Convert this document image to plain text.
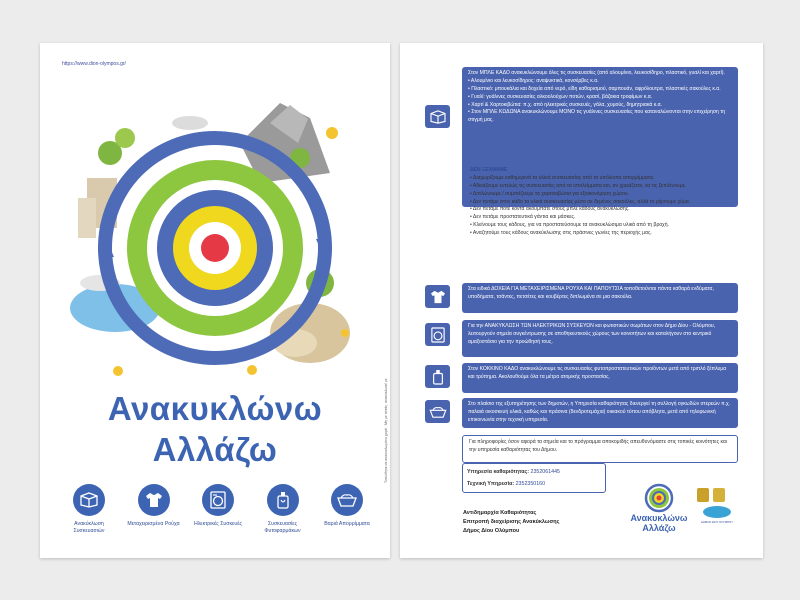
https://www.dion-olympos.gr/
Ανακυκλώνω
Αλλάζω	Τυπώθηκε σε ανακυκλωμένο χαρτί · Μη με πετάς, ανακύκλωσέ με
Ανακύκλωση Συσκευασιών
Μεταχειρισμένα Ρούχα	Ηλεκτρικές Συσκευές	Συσκευασίες Φυτοφαρμάκων
Βαριά Απορρίμματα
Στον ΜΠΛΕ ΚΑΔΟ ανακυκλώνουμε όλες τις συσκευασίες (από αλουμίνιο, λευκοσίδηρο, πλαστικό, γυαλί και χαρτί).
• Αλουμίνιο και λευκοσίδηρος: αναψυκτικά, κονσέρβες κ.α.
• Πλαστικό: μπουκάλια και δοχεία από νερό, είδη καθαρισμού, σαμπουάν, αφρόλουτρα, πλαστικές σακούλες κ.α.
• Γυαλί: γυάλινες συσκευασίες αλκοολούχων ποτών, κρασί, βάζακια τροφίμων κ.α.
• Χαρτί & Χαρτοκιβώτια: π.χ. από ηλεκτρικές συσκευές, γάλα, χυμούς, δημητριακά κ.α.
• Στον ΜΠΛΕ ΚΩΔΩΝΑ ανακυκλώνουμε ΜΟΝΟ τις γυάλινες συσκευασίες που καταναλώνονται στην επιχείρηση τη στιγμή μας.
ΔΕΝ ΞΕΧΝΑΜΕ
• Διαχωρίζουμε καθημερινά τα υλικά συσκευασίας από τα υπόλοιπα απορρίμματα.
• Αδειάζουμε εντελώς τις συσκευασίες από τα υπολείμματα και, αν χρειάζεται, να τις ξεπλένουμε.
• Διπλώνουμε / συμπιέζουμε τα χαρτοκιβώτια για εξοικονόμηση χώρου.
• Δεν πετάμε στον κάδο τα υλικά συσκευασίας μέσα σε δεμένες σακούλες, αλλά το ρίχνουμε χύμα.
• Δεν πετάμε ποτέ κοντά ακουμπάτε στους μπλε κάδους ανακύκλωσης.
• Δεν πετάμε προστατευτικά γάντια και μάσκες.
• Κλείνουμε τους κάδους, για να προστατεύσουμε τα ανακυκλώσιμα υλικά από τη βροχή.
• Αναζητούμε τους κάδους ανακύκλωσης στις πράσινες γωνίες της περιοχής μας.
Στα ειδικά ΔΟΧΕΙΑ ΓΙΑ ΜΕΤΑΧΕΙΡΙΣΜΕΝΑ ΡΟΥΧΑ ΚΑΙ ΠΑΠΟΥΤΣΙΑ τοποθετούνται πάντα καθαρά ενδύματα, υποδήματα, τσάντες, πετσέτες και κουβέρτες διπλωμένα σε μια σακούλα.
Για την ΑΝΑΚΥΚΛΩΣΗ ΤΩΝ ΗΛΕΚΤΡΙΚΩΝ ΣΥΣΚΕΥΩΝ και φωτιστικών σωμάτων στον Δήμο Δίου - Ολύμπου, λειτουργούν σημεία συγκέντρωσης σε αποθηκευτικούς χώρους των κοινοτήτων και καταλήγουν στο κεντρικό αμαξοστάσιο για την προώθησή τους.
Στον ΚΟΚΚΙΝΟ ΚΑΔΟ ανακυκλώνουμε τις συσκευασίες φυτοπροστατευτικών προϊόντων μετά από τριπλό ξέπλυμα και τρύπημα. Ακολουθούμε όλα τα μέτρα ατομικής προστασίας.
Στο πλαίσιο της εξυπηρέτησης των δημοτών, η Υπηρεσία καθαριότητας διενεργεί τη συλλογή ογκωδών στερεών π.χ. παλαιά οικοσκευή υλικά, καθώς και πράσινα (δενδροτεμάχια) οικιακού τύπου απόβλητα, μετά από τηλεφωνική επικοινωνία στην τεχνική υπηρεσία.
Για πληροφορίες όσον αφορά τα σημεία και το πρόγραμμα αποκομιδής απευθυνόμαστε στις τοπικές κοινότητες και την υπηρεσία καθαριότητας του Δήμου.
Υπηρεσία καθαριότητας: 2352061445
Τεχνική Υπηρεσία: 2352350160
Αντιδημαρχία Καθαριότητας
Επιτροπή διαχείρισης Ανακύκλωσης
Δήμος Δίου Ολύμπου
Ανακυκλώνω
Αλλάζω
ΔΗΜΟΣ ΔΙΟΥ ΟΛΥΜΠΟΥ
